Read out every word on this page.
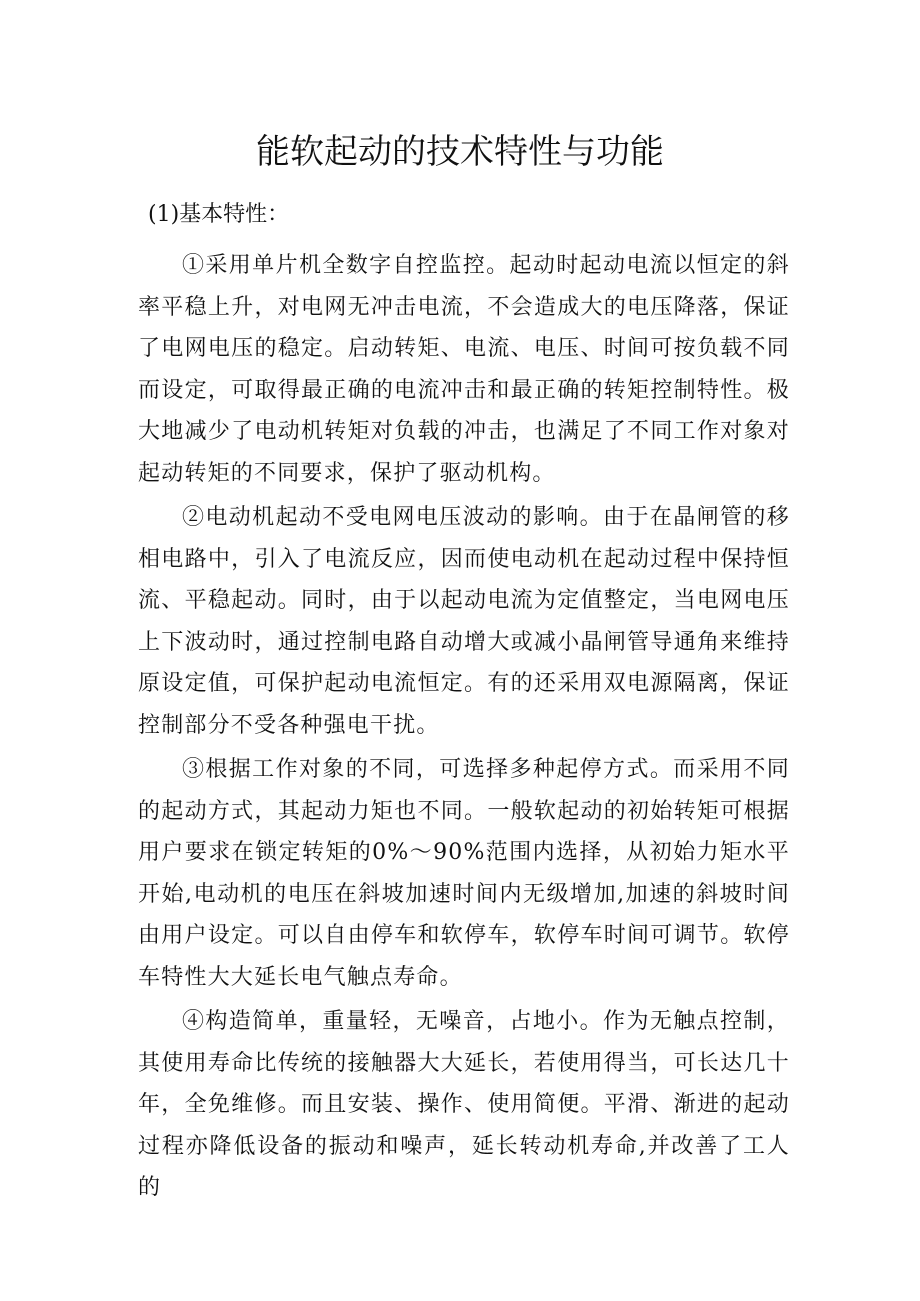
能软起动的技术特性与功能

(1)基本特性：

①采用单片机全数字自控监控。起动时起动电流以恒定的斜率平稳上升，对电网无冲击电流，不会造成大的电压降落，保证了电网电压的稳定。启动转矩、电流、电压、时间可按负载不同而设定，可取得最正确的电流冲击和最正确的转矩控制特性。极大地减少了电动机转矩对负载的冲击，也满足了不同工作对象对起动转矩的不同要求，保护了驱动机构。

②电动机起动不受电网电压波动的影响。由于在晶闸管的移相电路中，引入了电流反应，因而使电动机在起动过程中保持恒流、平稳起动。同时，由于以起动电流为定值整定，当电网电压上下波动时，通过控制电路自动增大或减小晶闸管导通角来维持原设定值，可保护起动电流恒定。有的还采用双电源隔离，保证控制部分不受各种强电干扰。

③根据工作对象的不同，可选择多种起停方式。而采用不同的起动方式，其起动力矩也不同。一般软起动的初始转矩可根据用户要求在锁定转矩的0%～90%范围内选择，从初始力矩水平开始,电动机的电压在斜坡加速时间内无级增加,加速的斜坡时间由用户设定。可以自由停车和软停车，软停车时间可调节。软停车特性大大延长电气触点寿命。

④构造简单，重量轻，无噪音，占地小。作为无触点控制，其使用寿命比传统的接触器大大延长，若使用得当，可长达几十年，全免维修。而且安装、操作、使用简便。平滑、渐进的起动过程亦降低设备的振动和噪声，延长转动机寿命,并改善了工人的
